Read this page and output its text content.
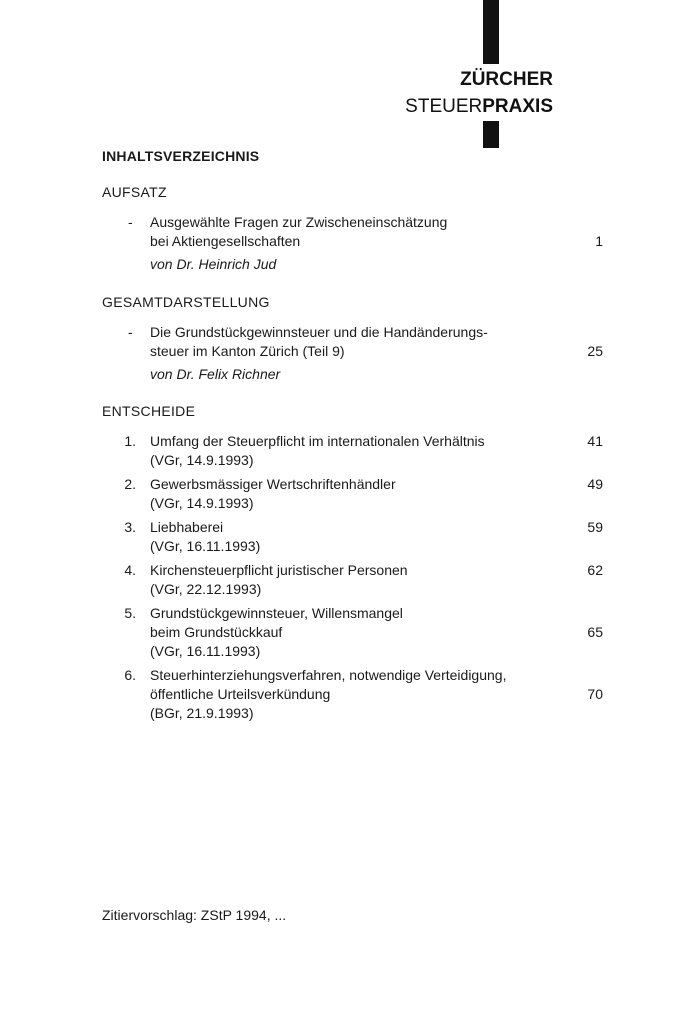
ZÜRCHER
STEUERPRAXIS
INHALTSVERZEICHNIS
AUFSATZ
-	Ausgewählte Fragen zur Zwischeneinschätzung
bei Aktiengesellschaften
von Dr. Heinrich Jud
1
GESAMTDARSTELLUNG
-	Die Grundstückgewinnsteuer und die Handänderungs-
steuer im Kanton Zürich (Teil 9)
von Dr. Felix Richner
25
ENTSCHEIDE
1. Umfang der Steuerpflicht im internationalen Verhältnis
(VGr, 14.9.1993)
41
2. Gewerbsmässiger Wertschriftenhändler
(VGr, 14.9.1993)
49
3. Liebhaberei
(VGr, 16.11.1993)
59
4. Kirchensteuerpflicht juristischer Personen
(VGr, 22.12.1993)
62
5. Grundstückgewinnsteuer, Willensmangel
beim Grundstückkauf
(VGr, 16.11.1993)
65
6. Steuerhinterziehungsverfahren, notwendige Verteidigung,
öffentliche Urteilsverkündung
(BGr, 21.9.1993)
70
Zitiervorschlag: ZStP 1994, ...
